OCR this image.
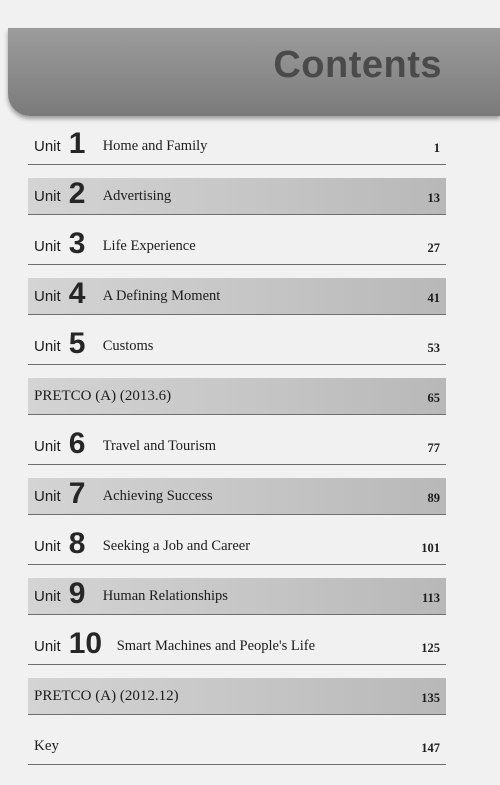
Contents
Unit 1	Home and Family	1
Unit 2	Advertising	13
Unit 3	Life Experience	27
Unit 4	A Defining Moment	41
Unit 5	Customs	53
PRETCO (A) (2013.6)	65
Unit 6	Travel and Tourism	77
Unit 7	Achieving Success	89
Unit 8	Seeking a Job and Career	101
Unit 9	Human Relationships	113
Unit 10	Smart Machines and People's Life	125
PRETCO (A) (2012.12)	135
Key	147
